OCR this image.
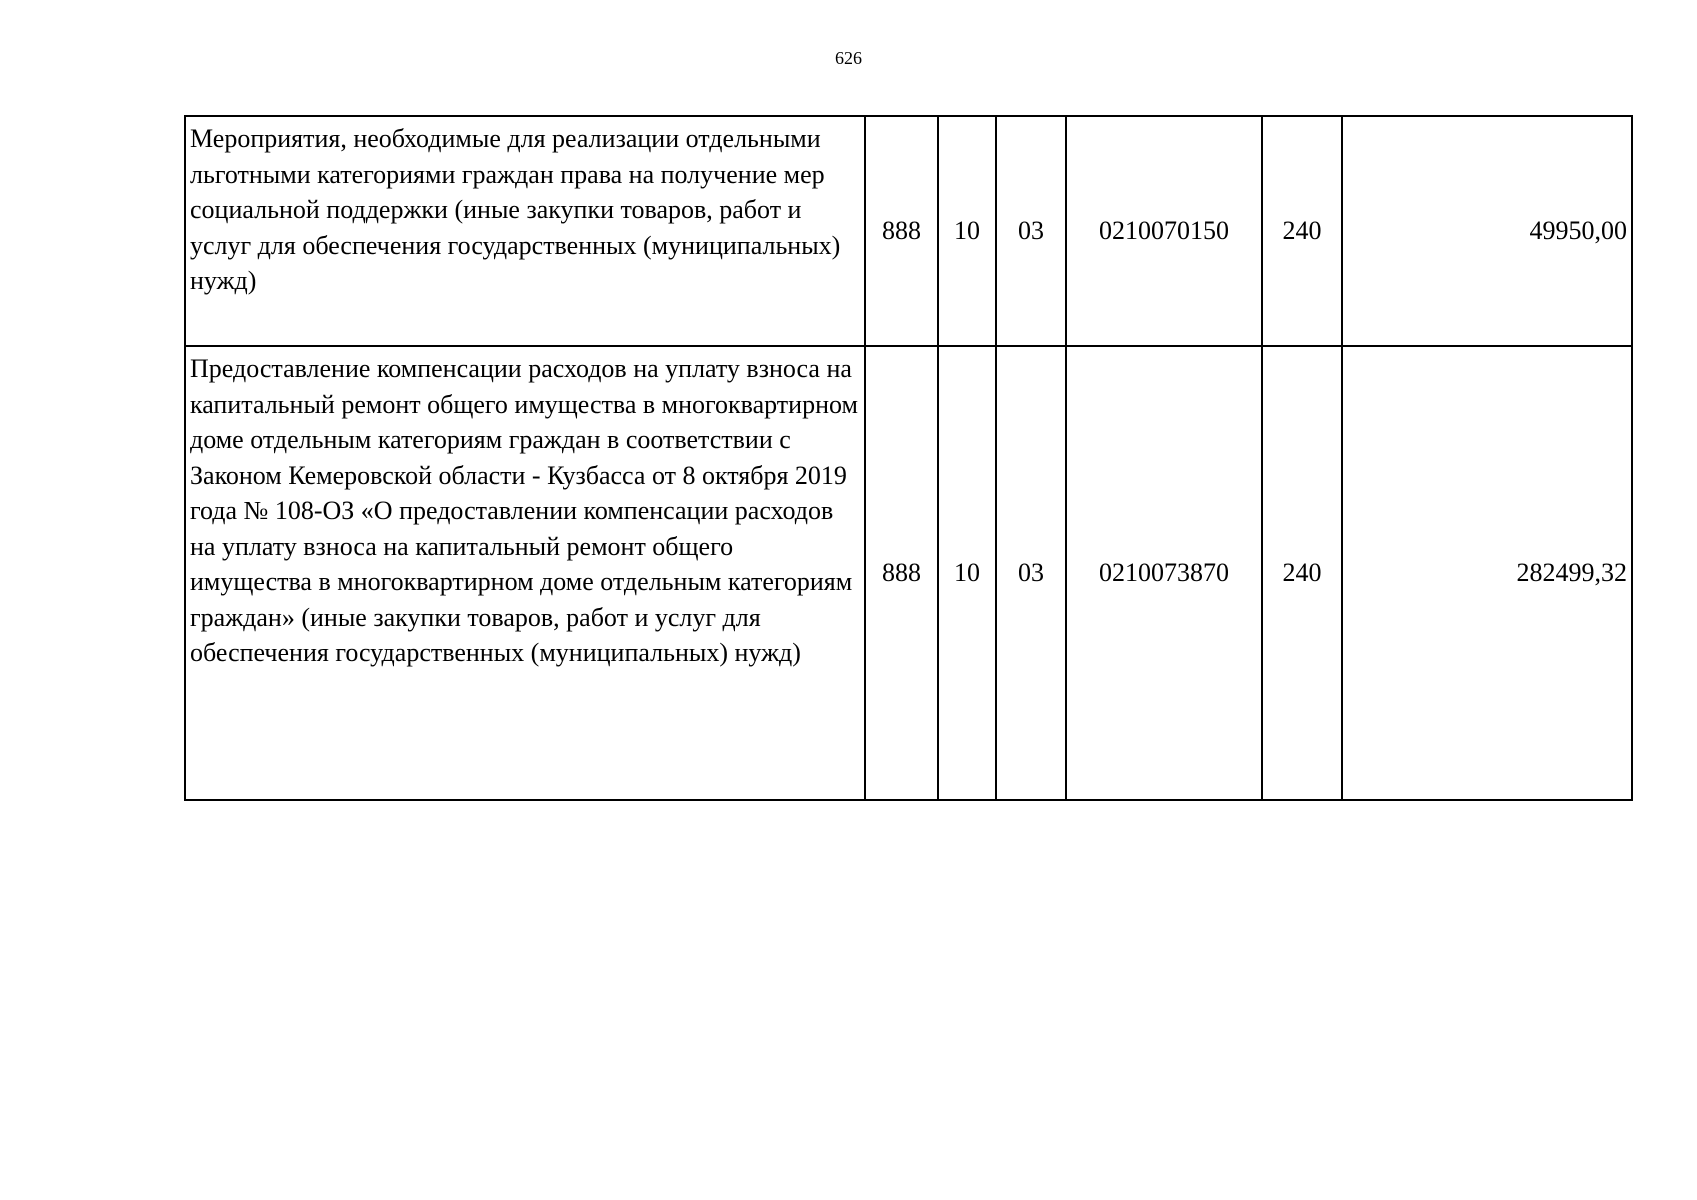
626
Мероприятия, необходимые для реализации отдельными льготными категориями граждан права на получение мер социальной поддержки (иные закупки товаров, работ и услуг для обеспечения государственных (муниципальных) нужд)	888	10	03	0210070150	240	49950,00
Предоставление компенсации расходов на уплату взноса на капитальный ремонт общего имущества в многоквартирном доме отдельным категориям граждан в соответствии с Законом Кемеровской области - Кузбасса от 8 октября 2019 года № 108-ОЗ «О предоставлении компенсации расходов на уплату взноса на капитальный ремонт общего имущества в многоквартирном доме отдельным категориям граждан» (иные закупки товаров, работ и услуг для обеспечения государственных (муниципальных) нужд)	888	10	03	0210073870	240	282499,32
